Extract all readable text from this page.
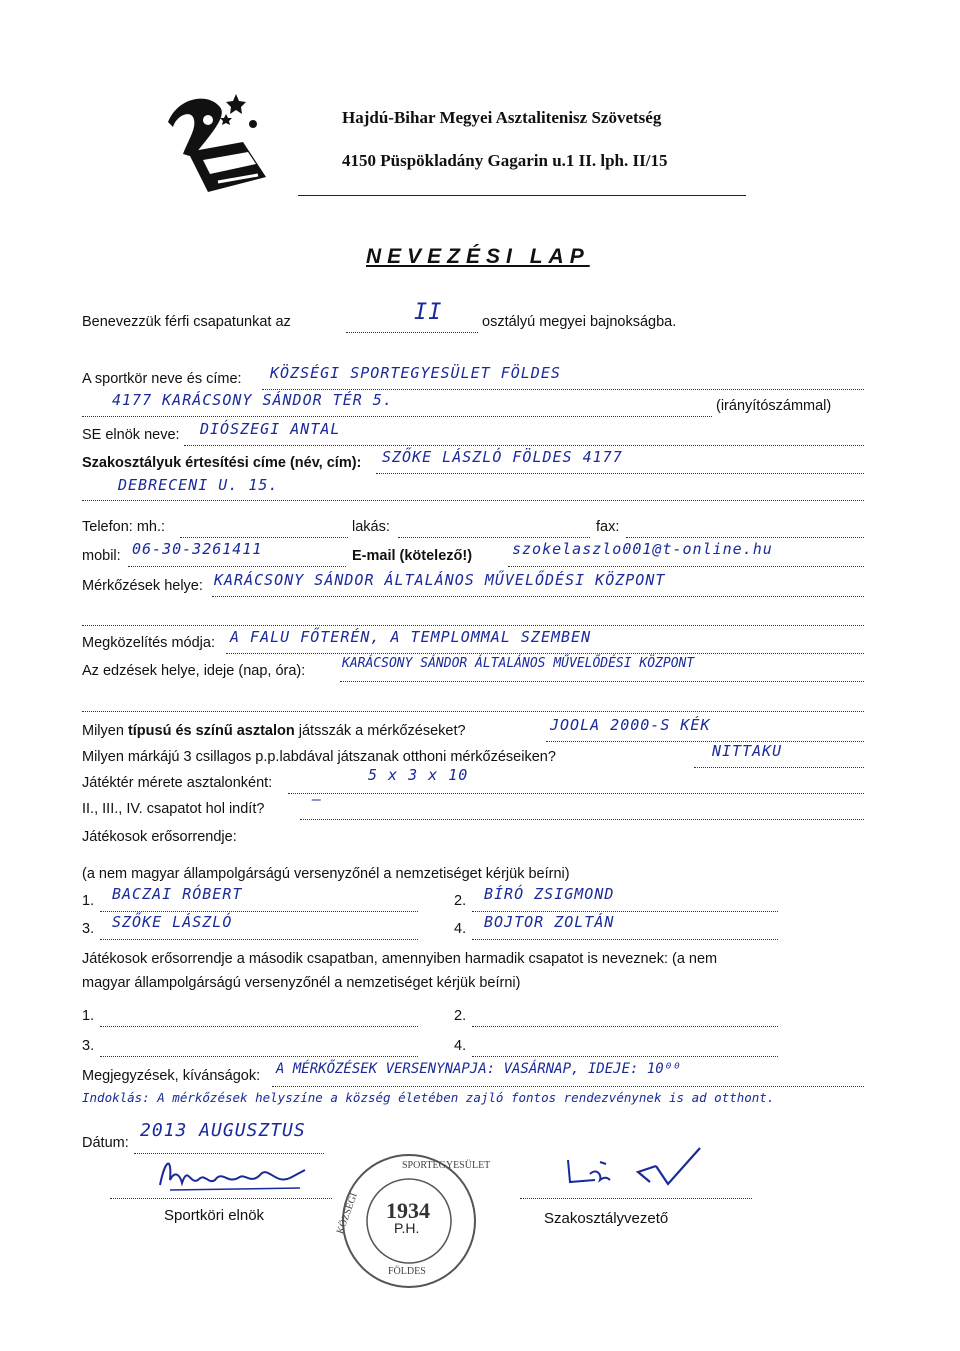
Hajdú-Bihar Megyei Asztalitenisz Szövetség
4150 Püspökladány Gagarin u.1 II. lph. II/15
NEVEZÉSI LAP
Benevezzük férfi csapatunkat az	II	osztályú megyei bajnokságba.
A sportkör neve és címe: KÖZSÉGI SPORTEGYESÜLET FÖLDES
4177 KARÁCSONY SÁNDOR TÉR 5.	(irányítószámmal)
SE elnök neve: DIÓSZEGI ANTAL
Szakosztályuk értesítési címe (név, cím): SZŐKE LÁSZLÓ FÖLDES 4177
DEBRECENI U. 15.
Telefon: mh.:	lakás:	fax:
mobil: 06-30-3261411	E-mail (kötelező!)	szokelaszlo001@t-online.hu
Mérkőzések helye: KARÁCSONY SÁNDOR ÁLTALÁNOS MŰVELŐDÉSI KÖZPONT
Megközelítés módja: A FALU FŐTERÉN, A TEMPLOMMAL SZEMBEN
Az edzések helye, ideje (nap, óra):	KARÁCSONY SÁNDOR ÁLTALÁNOS MŰVELŐDÉSI KÖZPONT
Milyen típusú és színű asztalon játsszák a mérkőzéseket?	JOOLA 2000-S KÉK
Milyen márkájú 3 csillagos p.p.labdával játszanak otthoni mérkőzéseiken?	NITTAKU
Játéktér mérete asztalonként:	5 x 3 x 10
II., III., IV. csapatot hol indít?
—
Játékosok erősorrendje:
(a nem magyar állampolgárságú versenyzőnél a nemzetiséget kérjük beírni)
1. BACZAI RÓBERT	2. BÍRÓ ZSIGMOND
3. SZŐKE LÁSZLÓ	4. BOJTOR ZOLTÁN
Játékosok erősorrendje a második csapatban, amennyiben harmadik csapatot is neveznek: (a nem
magyar állampolgárságú versenyzőnél a nemzetiséget kérjük beírni)
1.	2.
3.	4.
Megjegyzések, kívánságok: A MÉRKŐZÉSEK VERSENYNAPJA: VASÁRNAP, IDEJE: 10⁰⁰
Indoklás: A mérkőzések helyszíne a község életében zajló fontos rendezvénynek is ad otthont.
Dátum:
2013 AUGUSZTUS
Sportköri elnök
SPORTEGYESÜLET
KÖZSÉGI 1934
P.H.
FÖLDES
Szakosztályvezető
